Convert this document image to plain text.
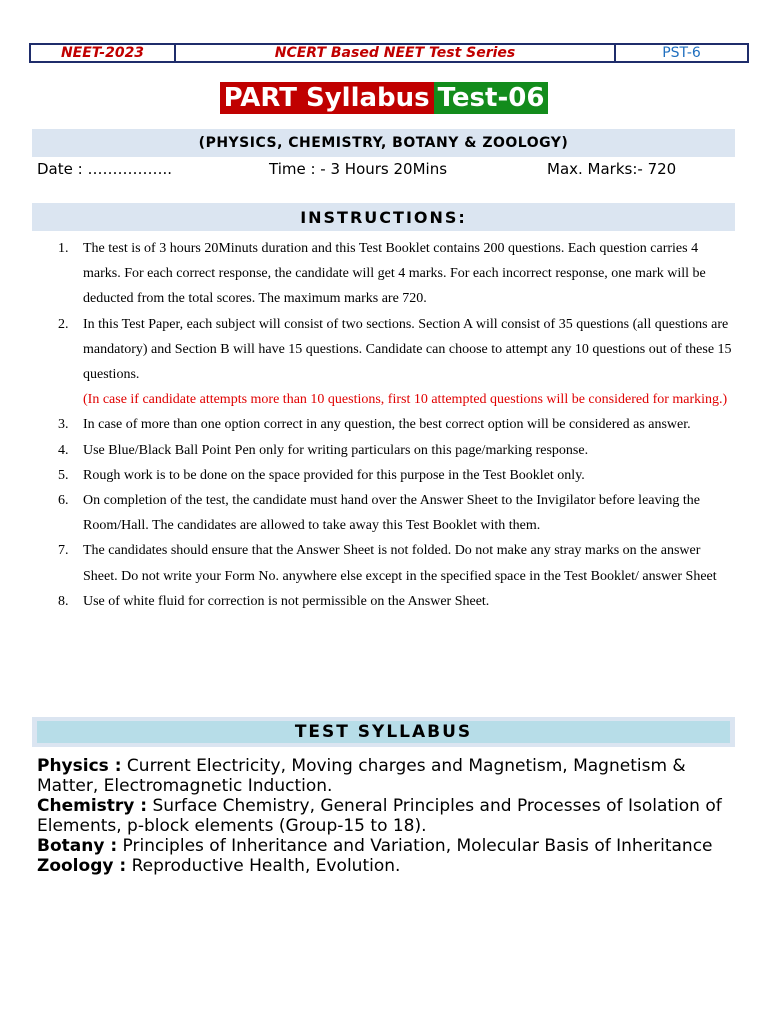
NEET-2023	NCERT Based NEET Test Series	PST-6
PART Syllabus Test-06
(PHYSICS, CHEMISTRY, BOTANY & ZOOLOGY)
Date : ……………..	Time : - 3 Hours 20Mins	Max. Marks:- 720
INSTRUCTIONS:
1. The test is of 3 hours 20Minuts duration and this Test Booklet contains 200 questions. Each question carries 4 marks. For each correct response, the candidate will get 4 marks. For each incorrect response, one mark will be deducted from the total scores. The maximum marks are 720.
2. In this Test Paper, each subject will consist of two sections. Section A will consist of 35 questions (all questions are mandatory) and Section B will have 15 questions. Candidate can choose to attempt any 10 questions out of these 15 questions.
(In case if candidate attempts more than 10 questions, first 10 attempted questions will be considered for marking.)
3. In case of more than one option correct in any question, the best correct option will be considered as answer.
4. Use Blue/Black Ball Point Pen only for writing particulars on this page/marking response.
5. Rough work is to be done on the space provided for this purpose in the Test Booklet only.
6. On completion of the test, the candidate must hand over the Answer Sheet to the Invigilator before leaving the Room/Hall. The candidates are allowed to take away this Test Booklet with them.
7. The candidates should ensure that the Answer Sheet is not folded. Do not make any stray marks on the answer Sheet. Do not write your Form No. anywhere else except in the specified space in the Test Booklet/ answer Sheet
8. Use of white fluid for correction is not permissible on the Answer Sheet.
TEST SYLLABUS

Physics : Current Electricity, Moving charges and Magnetism, Magnetism & Matter, Electromagnetic Induction.

Chemistry : Surface Chemistry, General Principles and Processes of Isolation of Elements, p-block elements (Group-15 to 18).

Botany : Principles of Inheritance and Variation, Molecular Basis of Inheritance

Zoology : Reproductive Health, Evolution.
